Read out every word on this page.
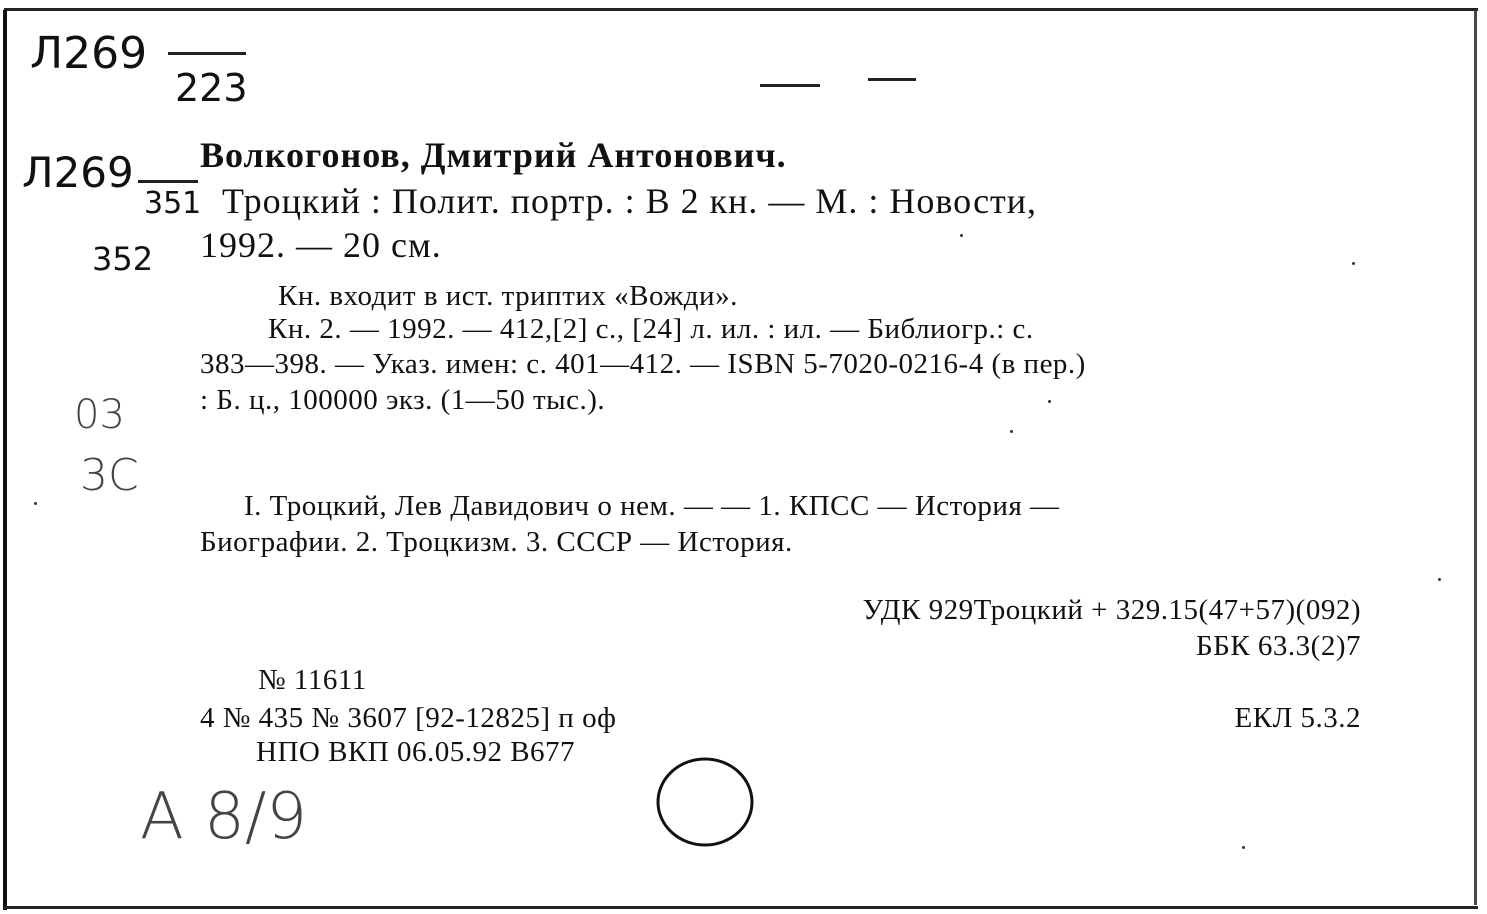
Л269
223
Л269
351
352
03
3С
А 8/9
Волкогонов, Дмитрий Антонович.
Троцкий : Полит. портр. : В 2 кн. — М. : Новости,
1992. — 20 см.
Кн. входит в ист. триптих «Вожди».
Кн. 2. — 1992. — 412,[2] с., [24] л. ил. : ил. — Библиогр.: с.
383—398. — Указ. имен: с. 401—412. — ISBN 5-7020-0216-4 (в пер.)
: Б. ц., 100000 экз. (1—50 тыс.).
I. Троцкий, Лев Давидович о нем. — — 1. КПСС — История —
Биографии. 2. Троцкизм. 3. СССР — История.
УДК 929Троцкий + 329.15(47+57)(092)
ББК 63.3(2)7
№ 11611
4 № 435 № 3607 [92-12825] п оф	ЕКЛ 5.3.2
НПО ВКП 06.05.92 В677
